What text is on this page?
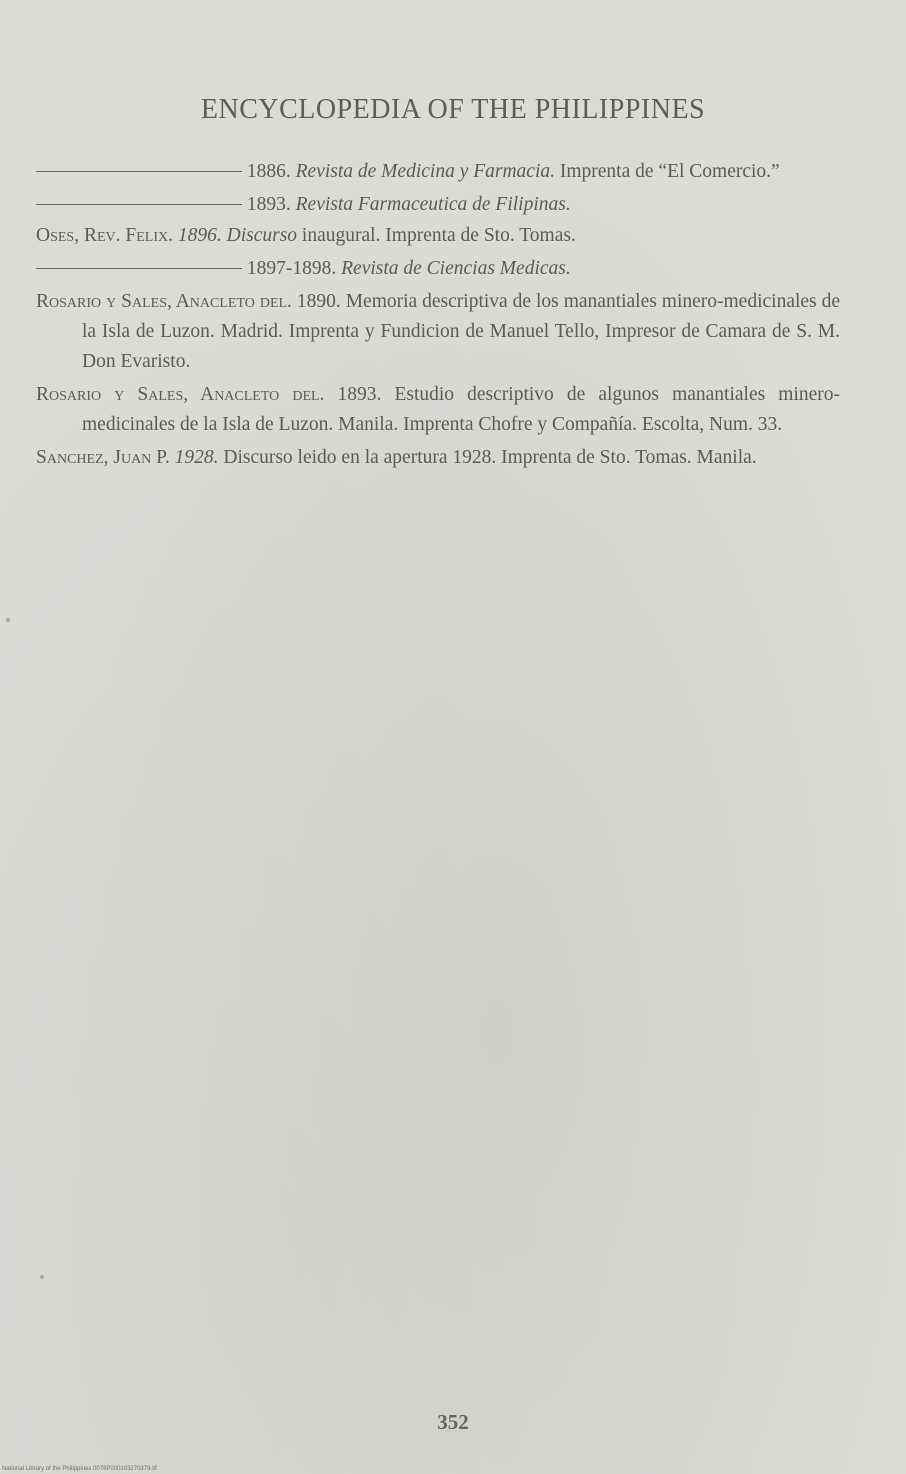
ENCYCLOPEDIA OF THE PHILIPPINES

1886. Revista de Medicina y Farmacia. Imprenta de “El Comercio.”

1893. Revista Farmaceutica de Filipinas.

Oses, Rev. Felix. 1896. Discurso inaugural. Imprenta de Sto. Tomas.

1897-1898. Revista de Ciencias Medicas.

Rosario y Sales, Anacleto del. 1890. Memoria descriptiva de los manantiales minero-medicinales de la Isla de Luzon. Madrid. Imprenta y Fundicion de Manuel Tello, Impresor de Camara de S. M. Don Evaristo.

Rosario y Sales, Anacleto del. 1893. Estudio descriptivo de algunos manantiales minero-medicinales de la Isla de Luzon. Manila. Imprenta Chofre y Compañía. Escolta, Num. 33.

Sanchez, Juan P. 1928. Discurso leido en la apertura 1928. Imprenta de Sto. Tomas. Manila.

352
National Library of the Philippines 0078P000103270379.tif
